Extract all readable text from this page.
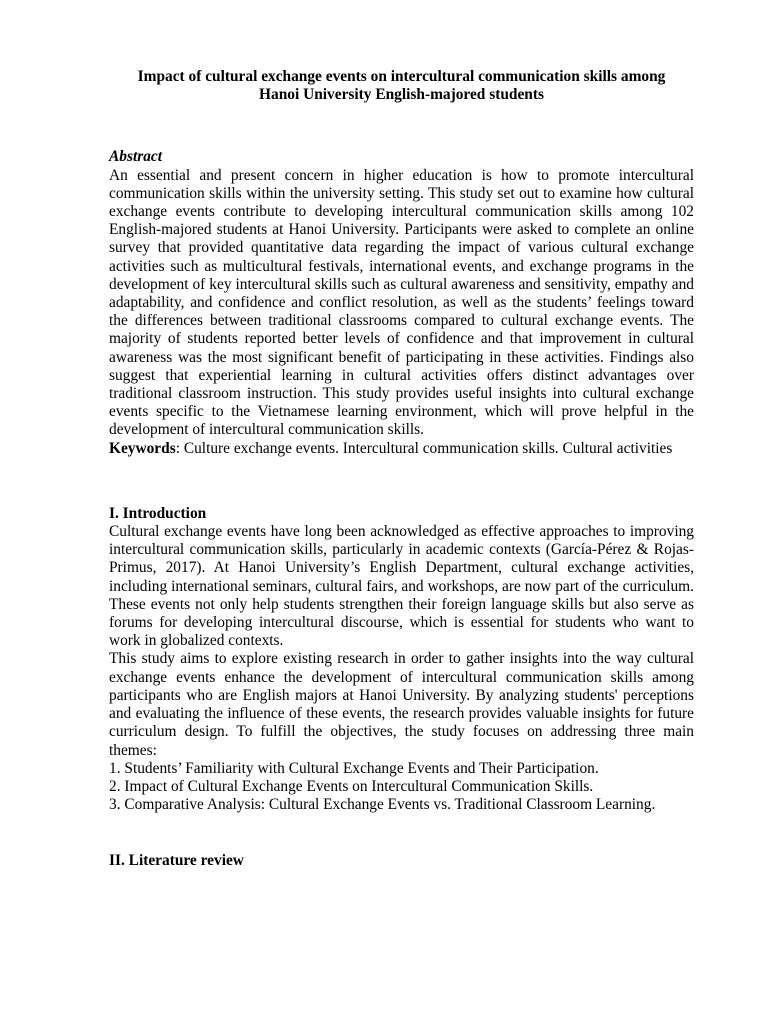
Impact of cultural exchange events on intercultural communication skills among
Hanoi University English-majored students

Abstract

An essential and present concern in higher education is how to promote intercultural communication skills within the university setting. This study set out to examine how cultural exchange events contribute to developing intercultural communication skills among 102 English-majored students at Hanoi University. Participants were asked to complete an online survey that provided quantitative data regarding the impact of various cultural exchange activities such as multicultural festivals, international events, and exchange programs in the development of key intercultural skills such as cultural awareness and sensitivity, empathy and adaptability, and confidence and conflict resolution, as well as the students’ feelings toward the differences between traditional classrooms compared to cultural exchange events. The majority of students reported better levels of confidence and that improvement in cultural awareness was the most significant benefit of participating in these activities. Findings also suggest that experiential learning in cultural activities offers distinct advantages over traditional classroom instruction. This study provides useful insights into cultural exchange events specific to the Vietnamese learning environment, which will prove helpful in the development of intercultural communication skills.

Keywords: Culture exchange events. Intercultural communication skills. Cultural activities

I. Introduction

Cultural exchange events have long been acknowledged as effective approaches to improving intercultural communication skills, particularly in academic contexts (García-Pérez & Rojas-Primus, 2017). At Hanoi University’s English Department, cultural exchange activities, including international seminars, cultural fairs, and workshops, are now part of the curriculum. These events not only help students strengthen their foreign language skills but also serve as forums for developing intercultural discourse, which is essential for students who want to work in globalized contexts.

This study aims to explore existing research in order to gather insights into the way cultural exchange events enhance the development of intercultural communication skills among participants who are English majors at Hanoi University. By analyzing students' perceptions and evaluating the influence of these events, the research provides valuable insights for future curriculum design. To fulfill the objectives, the study focuses on addressing three main themes:

1. Students’ Familiarity with Cultural Exchange Events and Their Participation.

2. Impact of Cultural Exchange Events on Intercultural Communication Skills.

3. Comparative Analysis: Cultural Exchange Events vs. Traditional Classroom Learning.

II. Literature review
